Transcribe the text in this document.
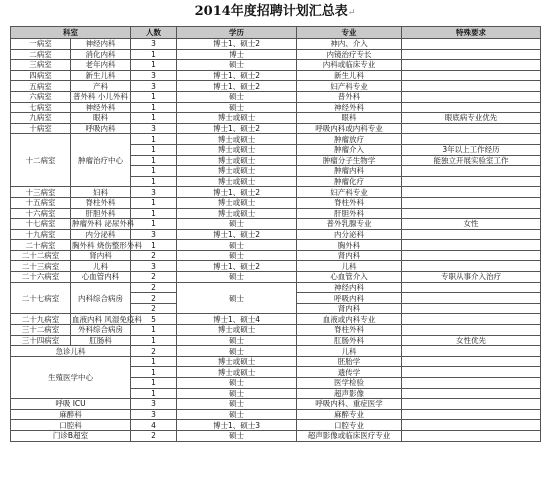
2014年度招聘计划汇总表↵
科室		人数	学历	专业	特殊要求
一病室	神经内科	3	博士1、硕士2	神内、介入	
二病室	消化内科	1	博士	内镜治疗专长	
三病室	老年内科	1	硕士	内科或临床专业	
四病室	新生儿科	3	博士1、硕士2	新生儿科	
五病室	产科	3	博士1、硕士2	妇产科专业	
六病室	普外科 小儿外科	1	硕士	普外科	
七病室	神经外科	1	硕士	神经外科	
九病室	眼科	1	博士或硕士	眼科	眼底病专业优先
十病室	呼吸内科	3	博士1、硕士2	呼吸内科或内科专业	
十二病室	肿瘤治疗中心	1	博士或硕士	肿瘤放疗	
		1	博士或硕士	肿瘤介入	3年以上工作经历
		1	博士或硕士	肿瘤分子生物学	能独立开展实验室工作
		1	博士或硕士	肿瘤内科	
		1	博士或硕士	肿瘤化疗	
十三病室	妇科	3	博士1、硕士2	妇产科专业	
十五病室	脊柱外科	1	博士或硕士	脊柱外科	
十六病室	肝胆外科	1	博士或硕士	肝胆外科	
十七病室	肿瘤外科 泌尿外科	1	硕士	普外乳腺专业	女性
十九病室	内分泌科	3	博士1、硕士2	内分泌科	
二十病室	胸外科 烧伤整形外科	1	硕士	胸外科	
二十二病室	肾内科	2	硕士	肾内科	
二十三病室	儿科	3	博士1、硕士2	儿科	
二十六病室	心血管内科	2	硕士	心血管介入	专职从事介入治疗
二十七病室	内科综合病房	2	硕士	神经内科	
		2		呼吸内科	
		2		肾内科	
二十九病室	血液内科 风湿免疫科	5	博士1、硕士4	血液或内科专业	
三十二病室	外科综合病房	1	博士或硕士	脊柱外科	
三十四病室	肛肠科	1	硕士	肛肠外科	女性优先
急诊儿科		2	硕士	儿科	
生殖医学中心		1	博士或硕士	胚胎学	
		1	博士或硕士	遗传学	
		1	硕士	医学检验	
		1	硕士	超声影像	
呼吸 ICU		3	硕士	呼吸内科、重症医学	
麻醉科		3	硕士	麻醉专业	
口腔科		4	博士1、硕士3	口腔专业	
门诊B超室		2	硕士	超声影像或临床医疗专业	
